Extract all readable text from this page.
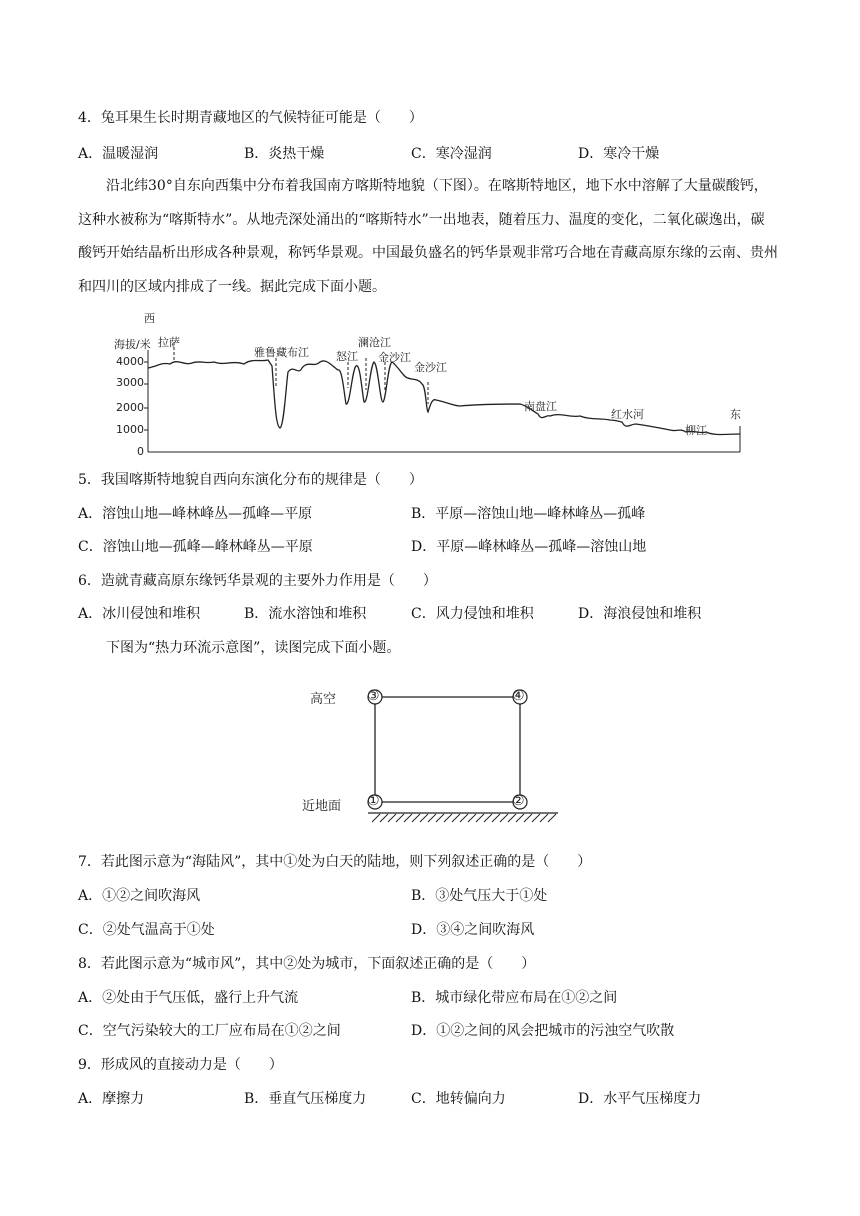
4．兔耳果生长时期青藏地区的气候特征可能是（　　）
A．温暖湿润	B．炎热干燥	C．寒冷湿润	D．寒冷干燥
沿北纬30°自东向西集中分布着我国南方喀斯特地貌（下图）。在喀斯特地区，地下水中溶解了大量碳酸钙，这种水被称为“喀斯特水”。从地壳深处涌出的“喀斯特水”一出地表，随着压力、温度的变化，二氧化碳逸出，碳酸钙开始结晶析出形成各种景观，称钙华景观。中国最负盛名的钙华景观非常巧合地在青藏高原东缘的云南、贵州和四川的区域内排成了一线。据此完成下面小题。
西
东
海拔/米
4000
3000
2000
1000
0
拉萨
雅鲁藏布江 怒江
澜沧江
金沙江
金沙江
南盘江
红水河
柳江
5．我国喀斯特地貌自西向东演化分布的规律是（　　）
A．溶蚀山地—峰林峰丛—孤峰—平原	B．平原—溶蚀山地—峰林峰丛—孤峰
C．溶蚀山地—孤峰—峰林峰丛—平原	D．平原—峰林峰丛—孤峰—溶蚀山地
6．造就青藏高原东缘钙华景观的主要外力作用是（　　）
A．冰川侵蚀和堆积	B．流水溶蚀和堆积	C．风力侵蚀和堆积	D．海浪侵蚀和堆积
下图为“热力环流示意图”，读图完成下面小题。
高空
近地面
③	④
①	②
7．若此图示意为“海陆风”，其中①处为白天的陆地，则下列叙述正确的是（　　）
A．①②之间吹海风	B．③处气压大于①处
C．②处气温高于①处	D．③④之间吹海风
8．若此图示意为“城市风”，其中②处为城市，下面叙述正确的是（　　）
A．②处由于气压低，盛行上升气流	B．城市绿化带应布局在①②之间
C．空气污染较大的工厂应布局在①②之间	D．①②之间的风会把城市的污浊空气吹散
9．形成风的直接动力是（　　）
A．摩擦力	B．垂直气压梯度力	C．地转偏向力	D．水平气压梯度力
